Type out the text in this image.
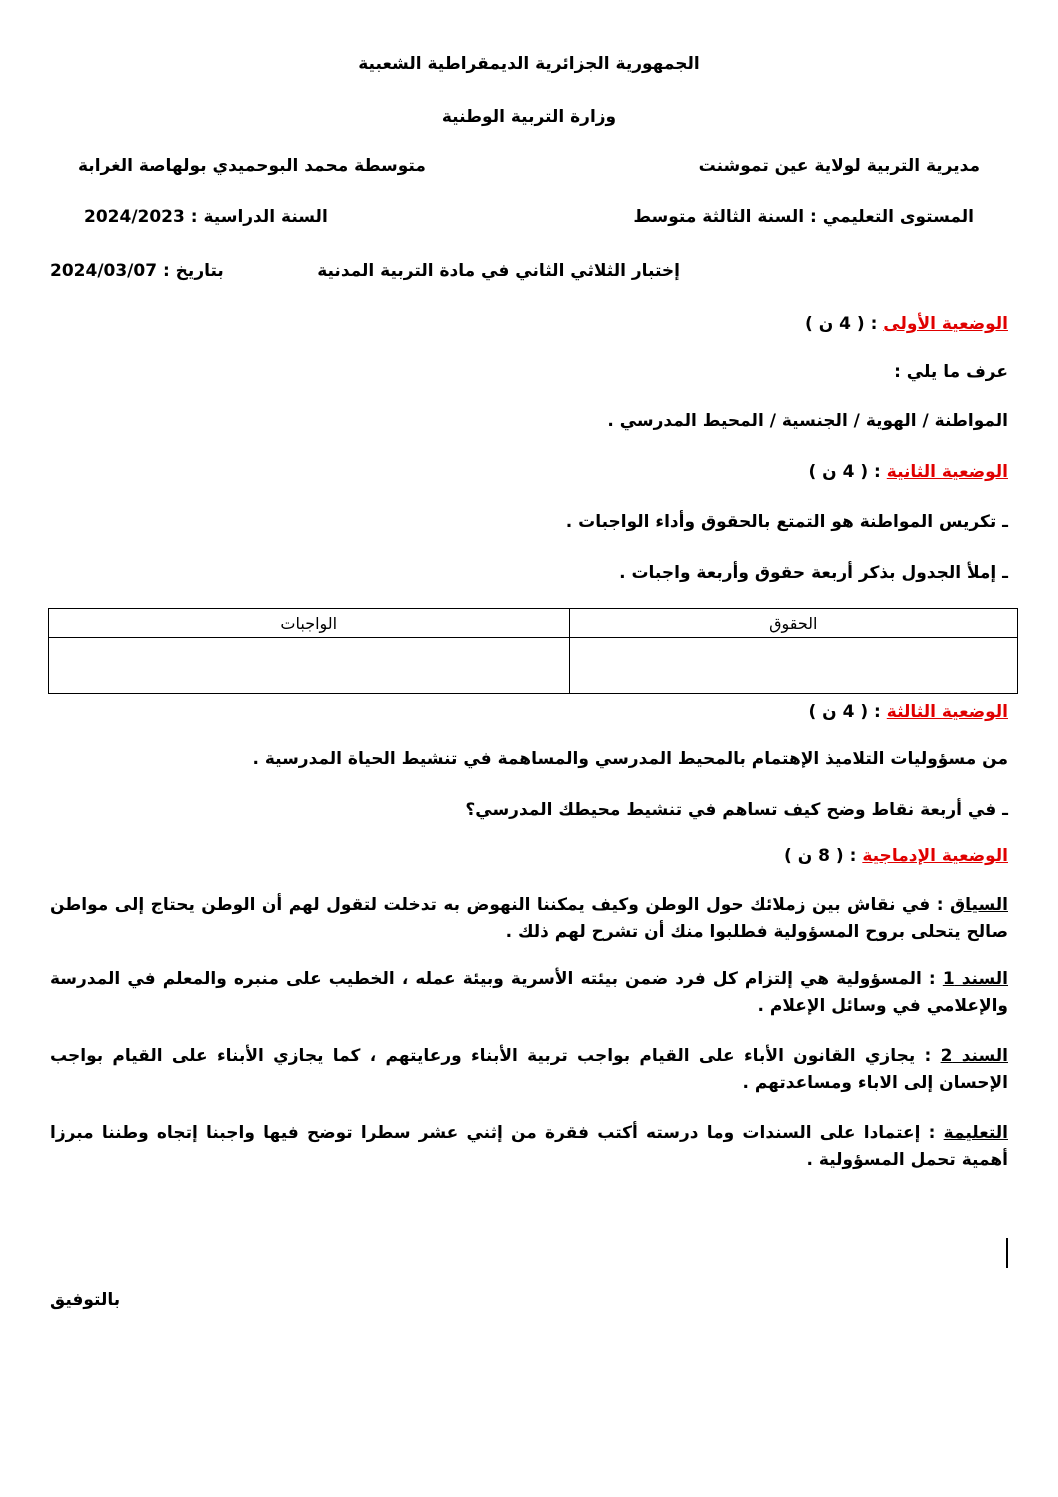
الجمهورية الجزائرية الديمقراطية الشعبية
وزارة التربية الوطنية
مديرية التربية لولاية عين تموشنت
متوسطة محمد البوحميدي بولهاصة الغرابة
المستوى التعليمي : السنة الثالثة متوسط
السنة الدراسية : 2024/2023
إختبار الثلاثي الثاني في مادة التربية المدنية
بتاريخ : 2024/03/07
الوضعية الأولى : ( 4 ن )
عرف ما يلي :
المواطنة / الهوية / الجنسية / المحيط المدرسي .
الوضعية الثانية : ( 4 ن )
ـ تكريس المواطنة هو التمتع بالحقوق وأداء الواجبات .
ـ إملأ الجدول بذكر أربعة حقوق وأربعة واجبات .
الحقوق	الواجبات

الوضعية الثالثة : ( 4 ن )
من مسؤوليات التلاميذ الإهتمام بالمحيط المدرسي والمساهمة في تنشيط الحياة المدرسية .
ـ في أربعة نقاط وضح كيف تساهم في تنشيط محيطك المدرسي؟
الوضعية الإدماجية : ( 8 ن )
السياق : في نقاش بين زملائك حول الوطن وكيف يمكننا النهوض به تدخلت لتقول لهم أن الوطن يحتاج إلى مواطن صالح يتحلى بروح المسؤولية فطلبوا منك أن تشرح لهم ذلك .
السند 1 : المسؤولية هي إلتزام كل فرد ضمن بيئته الأسرية وبيئة عمله ، الخطيب على منبره والمعلم في المدرسة والإعلامي في وسائل الإعلام .
السند 2 : يجازي القانون الأباء على القيام بواجب تربية الأبناء ورعايتهم ، كما يجازي الأبناء على القيام بواجب الإحسان إلى الاباء ومساعدتهم .
التعليمة : إعتمادا على السندات وما درسته أكتب فقرة من إثني عشر سطرا توضح فيها واجبنا إتجاه وطننا مبرزا أهمية تحمل المسؤولية .
بالتوفيق
